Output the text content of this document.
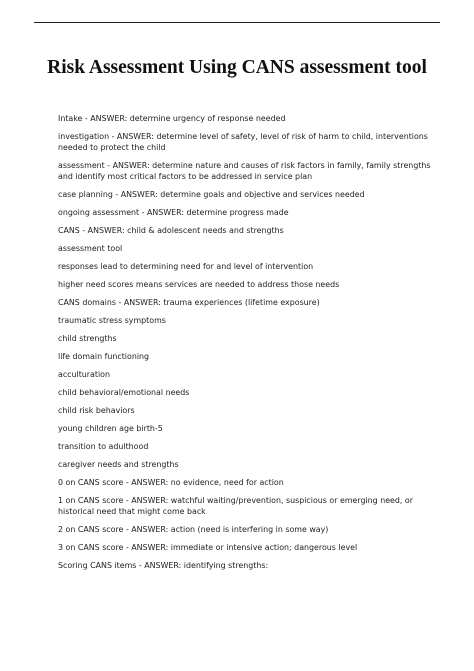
Risk Assessment Using CANS assessment tool

Intake - ANSWER: determine urgency of response needed

investigation - ANSWER: determine level of safety, level of risk of harm to child, interventions needed to protect the child

assessment - ANSWER: determine nature and causes of risk factors in family, family strengths and identify most critical factors to be addressed in service plan

case planning - ANSWER: determine goals and objective and services needed

ongoing assessment - ANSWER: determine progress made

CANS - ANSWER: child & adolescent needs and strengths

assessment tool

responses lead to determining need for and level of intervention

higher need scores means services are needed to address those needs

CANS domains - ANSWER: trauma experiences (lifetime exposure)

traumatic stress symptoms

child strengths

life domain functioning

acculturation

child behavioral/emotional needs

child risk behaviors

young children age birth-5

transition to adulthood

caregiver needs and strengths

0 on CANS score - ANSWER: no evidence, need for action

1 on CANS score - ANSWER: watchful waiting/prevention, suspicious or emerging need, or historical need that might come back

2 on CANS score - ANSWER: action (need is interfering in some way)

3 on CANS score - ANSWER: immediate or intensive action; dangerous level

Scoring CANS items - ANSWER: identifying strengths:
